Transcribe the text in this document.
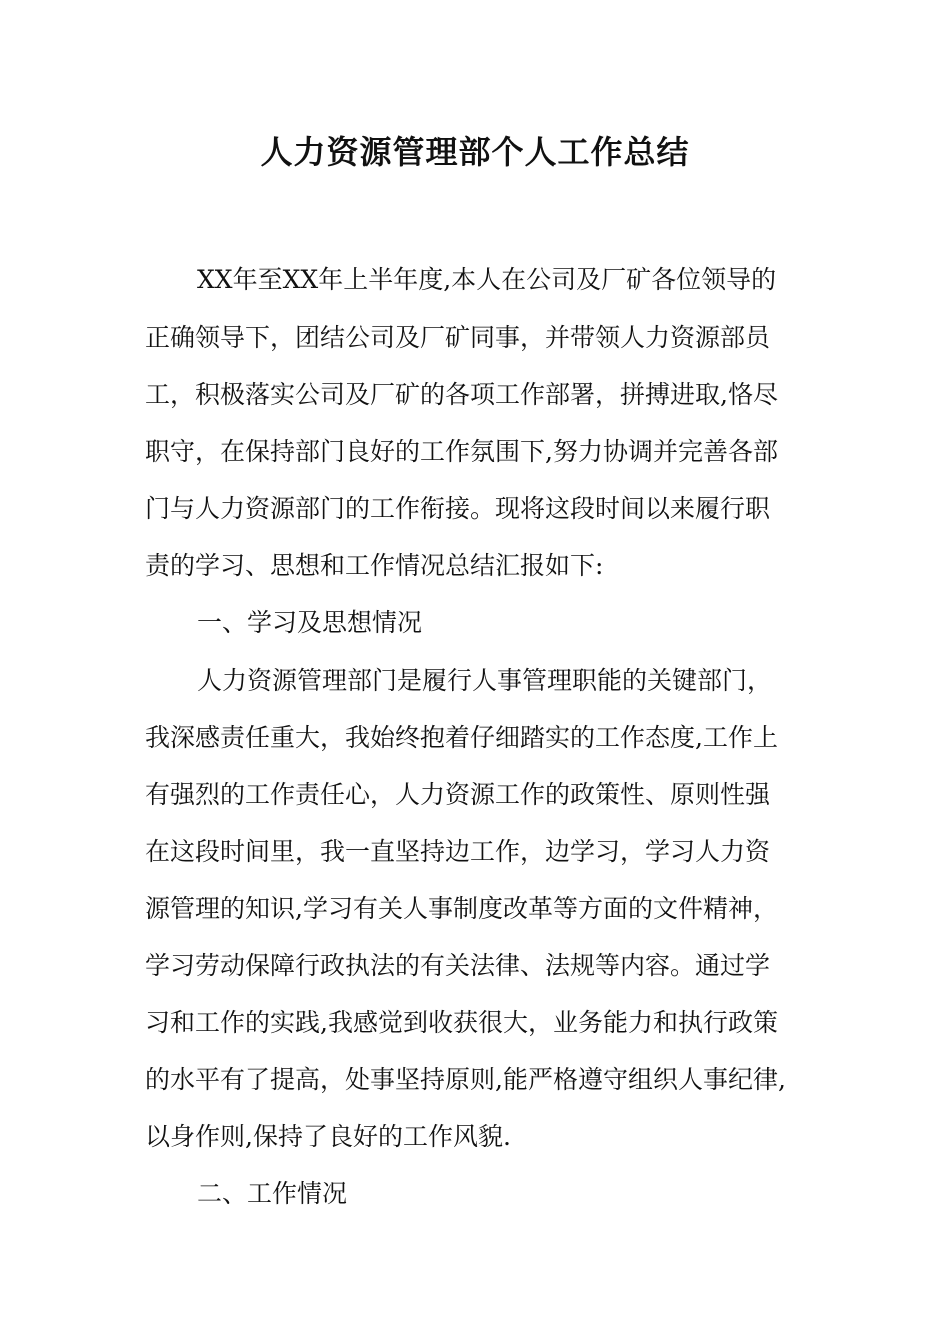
人力资源管理部个人工作总结

XX年至XX年上半年度,本人在公司及厂矿各位领导的

正确领导下，团结公司及厂矿同事，并带领人力资源部员

工，积极落实公司及厂矿的各项工作部署，拼搏进取,恪尽

职守，在保持部门良好的工作氛围下,努力协调并完善各部

门与人力资源部门的工作衔接。现将这段时间以来履行职

责的学习、思想和工作情况总结汇报如下:

一、学习及思想情况

人力资源管理部门是履行人事管理职能的关键部门，

我深感责任重大，我始终抱着仔细踏实的工作态度,工作上

有强烈的工作责任心，人力资源工作的政策性、原则性强

在这段时间里，我一直坚持边工作，边学习，学习人力资

源管理的知识,学习有关人事制度改革等方面的文件精神，

学习劳动保障行政执法的有关法律、法规等内容。通过学

习和工作的实践,我感觉到收获很大，业务能力和执行政策

的水平有了提高，处事坚持原则,能严格遵守组织人事纪律,

以身作则,保持了良好的工作风貌.

二、工作情况
